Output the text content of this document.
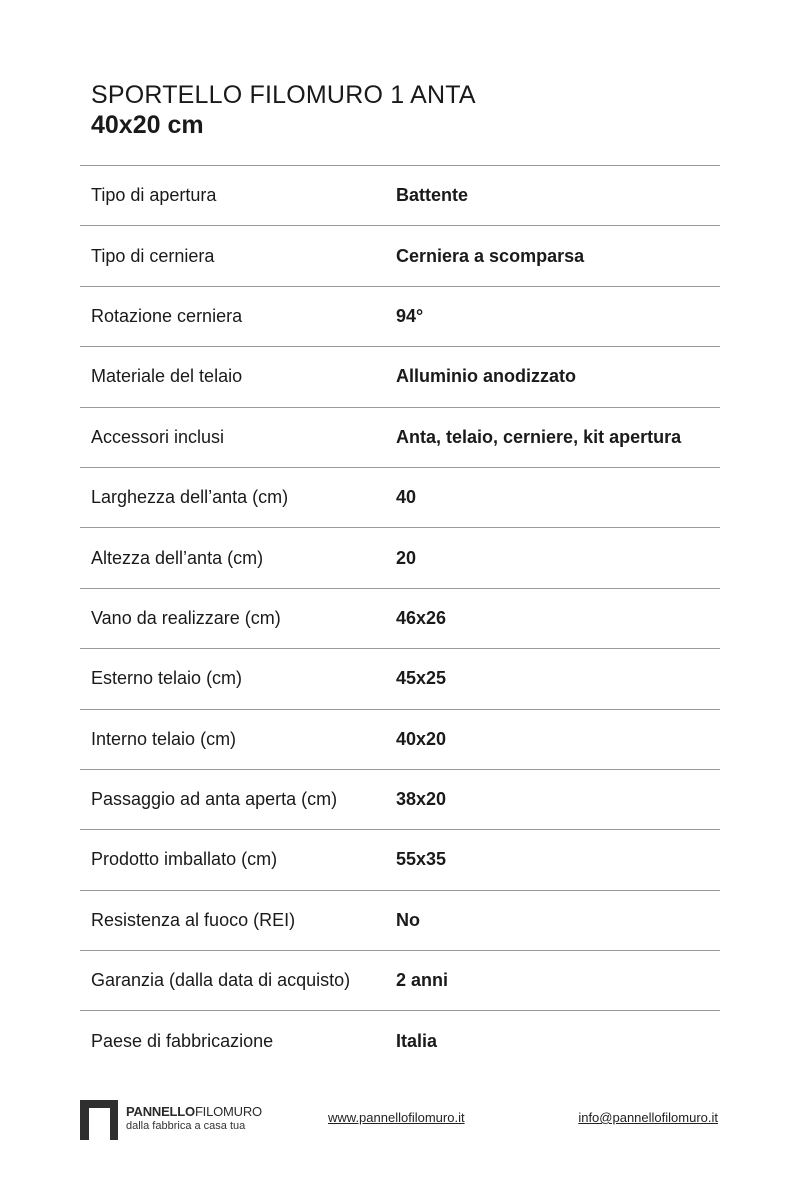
SPORTELLO FILOMURO 1 ANTA
40x20 cm
Tipo di apertura	Battente
Tipo di cerniera	Cerniera a scomparsa
Rotazione cerniera	94°
Materiale del telaio	Alluminio anodizzato
Accessori inclusi	Anta, telaio, cerniere, kit apertura
Larghezza dell’anta (cm)	40
Altezza dell’anta (cm)	20
Vano da realizzare (cm)	46x26
Esterno telaio (cm)	45x25
Interno telaio (cm)	40x20
Passaggio ad anta aperta (cm)	38x20
Prodotto imballato (cm)	55x35
Resistenza al fuoco (REI)	No
Garanzia (dalla data di acquisto)	2 anni
Paese di fabbricazione	Italia
PANNELLOFILOMURO
dalla fabbrica a casa tua
www.pannellofilomuro.it	info@pannellofilomuro.it
